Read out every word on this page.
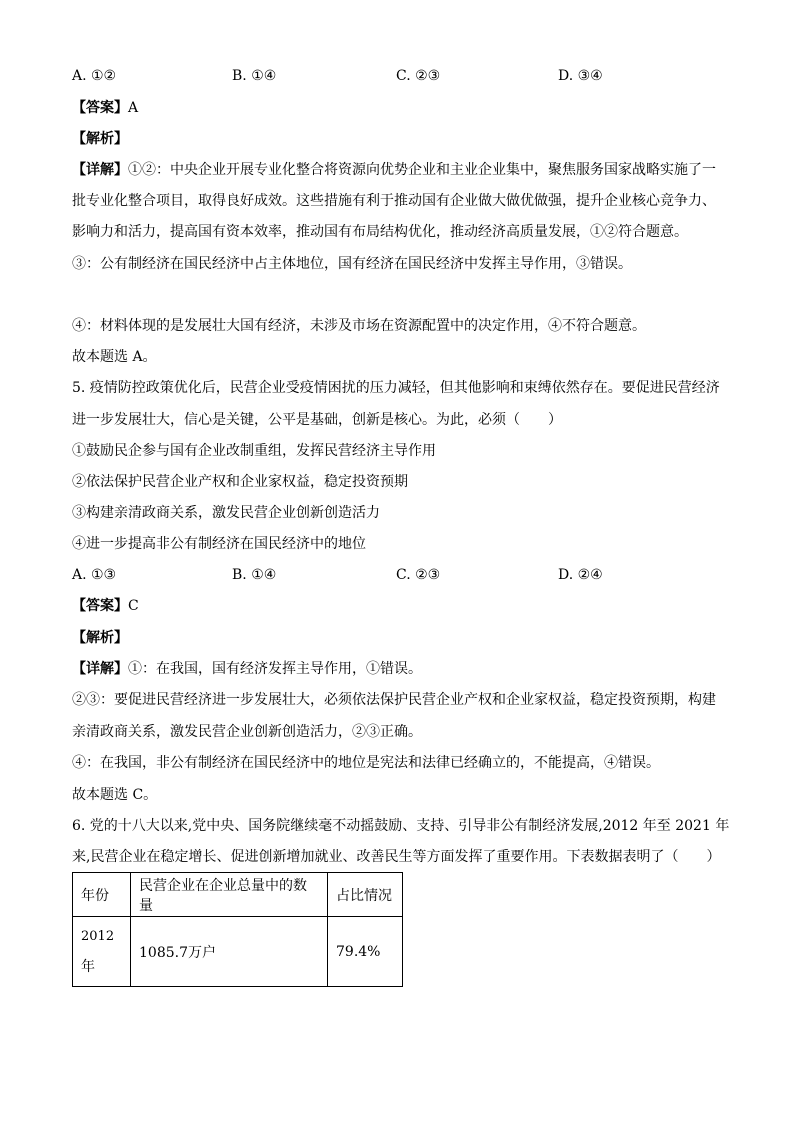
A. ①②	B. ①④	C. ②③	D. ③④
【答案】A
【解析】
【详解】①②：中央企业开展专业化整合将资源向优势企业和主业企业集中，聚焦服务国家战略实施了一
批专业化整合项目，取得良好成效。这些措施有利于推动国有企业做大做优做强，提升企业核心竞争力、
影响力和活力，提高国有资本效率，推动国有布局结构优化，推动经济高质量发展，①②符合题意。
③：公有制经济在国民经济中占主体地位，国有经济在国民经济中发挥主导作用，③错误。
④：材料体现的是发展壮大国有经济，未涉及市场在资源配置中的决定作用，④不符合题意。
故本题选 A。
5. 疫情防控政策优化后，民营企业受疫情困扰的压力减轻，但其他影响和束缚依然存在。要促进民营经济
进一步发展壮大，信心是关键，公平是基础，创新是核心。为此，必须（　　）
①鼓励民企参与国有企业改制重组，发挥民营经济主导作用
②依法保护民营企业产权和企业家权益，稳定投资预期
③构建亲清政商关系，激发民营企业创新创造活力
④进一步提高非公有制经济在国民经济中的地位
A. ①③	B. ①④	C. ②③	D. ②④
【答案】C
【解析】
【详解】①：在我国，国有经济发挥主导作用，①错误。
②③：要促进民营经济进一步发展壮大，必须依法保护民营企业产权和企业家权益，稳定投资预期，构建
亲清政商关系，激发民营企业创新创造活力，②③正确。
④：在我国，非公有制经济在国民经济中的地位是宪法和法律已经确立的，不能提高，④错误。
故本题选 C。
6. 党的十八大以来,党中央、国务院继续毫不动摇鼓励、支持、引导非公有制经济发展,2012 年至 2021 年
来,民营企业在稳定增长、促进创新增加就业、改善民生等方面发挥了重要作用。下表数据表明了（　　）
年份	民营企业在企业总量中的数量	占比情况

2012
年	1085.7万户	79.4%
